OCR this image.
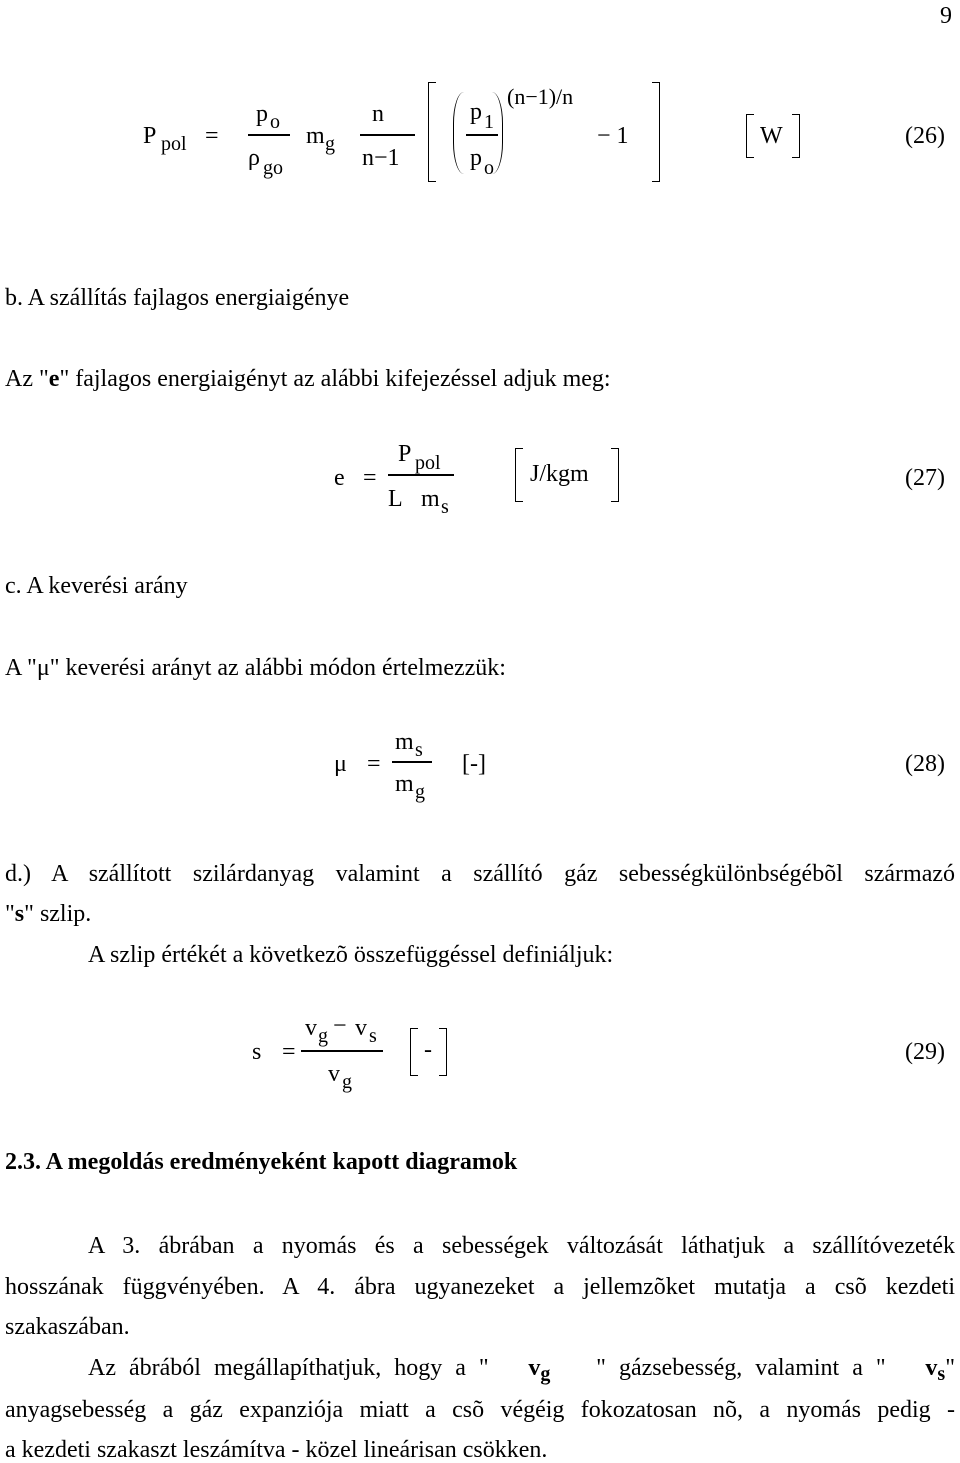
9
P pol =
p o
ρ go
m g
n
n−1
p 1
p o
(n−1)/n
− 1	W	(26)
b. A szállítás fajlagos energiaigénye
Az "e" fajlagos energiaigényt az alábbi kifejezéssel adjuk meg:
e =
P pol
L m s
J/kgm	(27)
c. A keverési arány
A "μ" keverési arányt az alábbi módon értelmezzük:
μ =
m s
m g
[-]	(28)
d.) A szállított szilárdanyag valamint a szállító gáz sebességkülönbségébõl származó
"s" szlip.
A szlip értékét a következõ összefüggéssel definiáljuk:
s =
v g − v s
v g
-	(29)
2.3. A megoldás eredményeként kapott diagramok
A 3. ábrában a nyomás és a sebességek változását láthatjuk a szállítóvezeték
hosszának függvényében. A 4. ábra ugyanezeket a jellemzõket mutatja a csõ kezdeti
szakaszában.
Az ábrából megállapíthatjuk, hogy a " $v_g$ " gázsebesség, valamint a " $v_s$"
anyagsebesség a gáz expanziója miatt a csõ végéig fokozatosan nõ, a nyomás pedig -
a kezdeti szakaszt leszámítva - közel lineárisan csökken.
